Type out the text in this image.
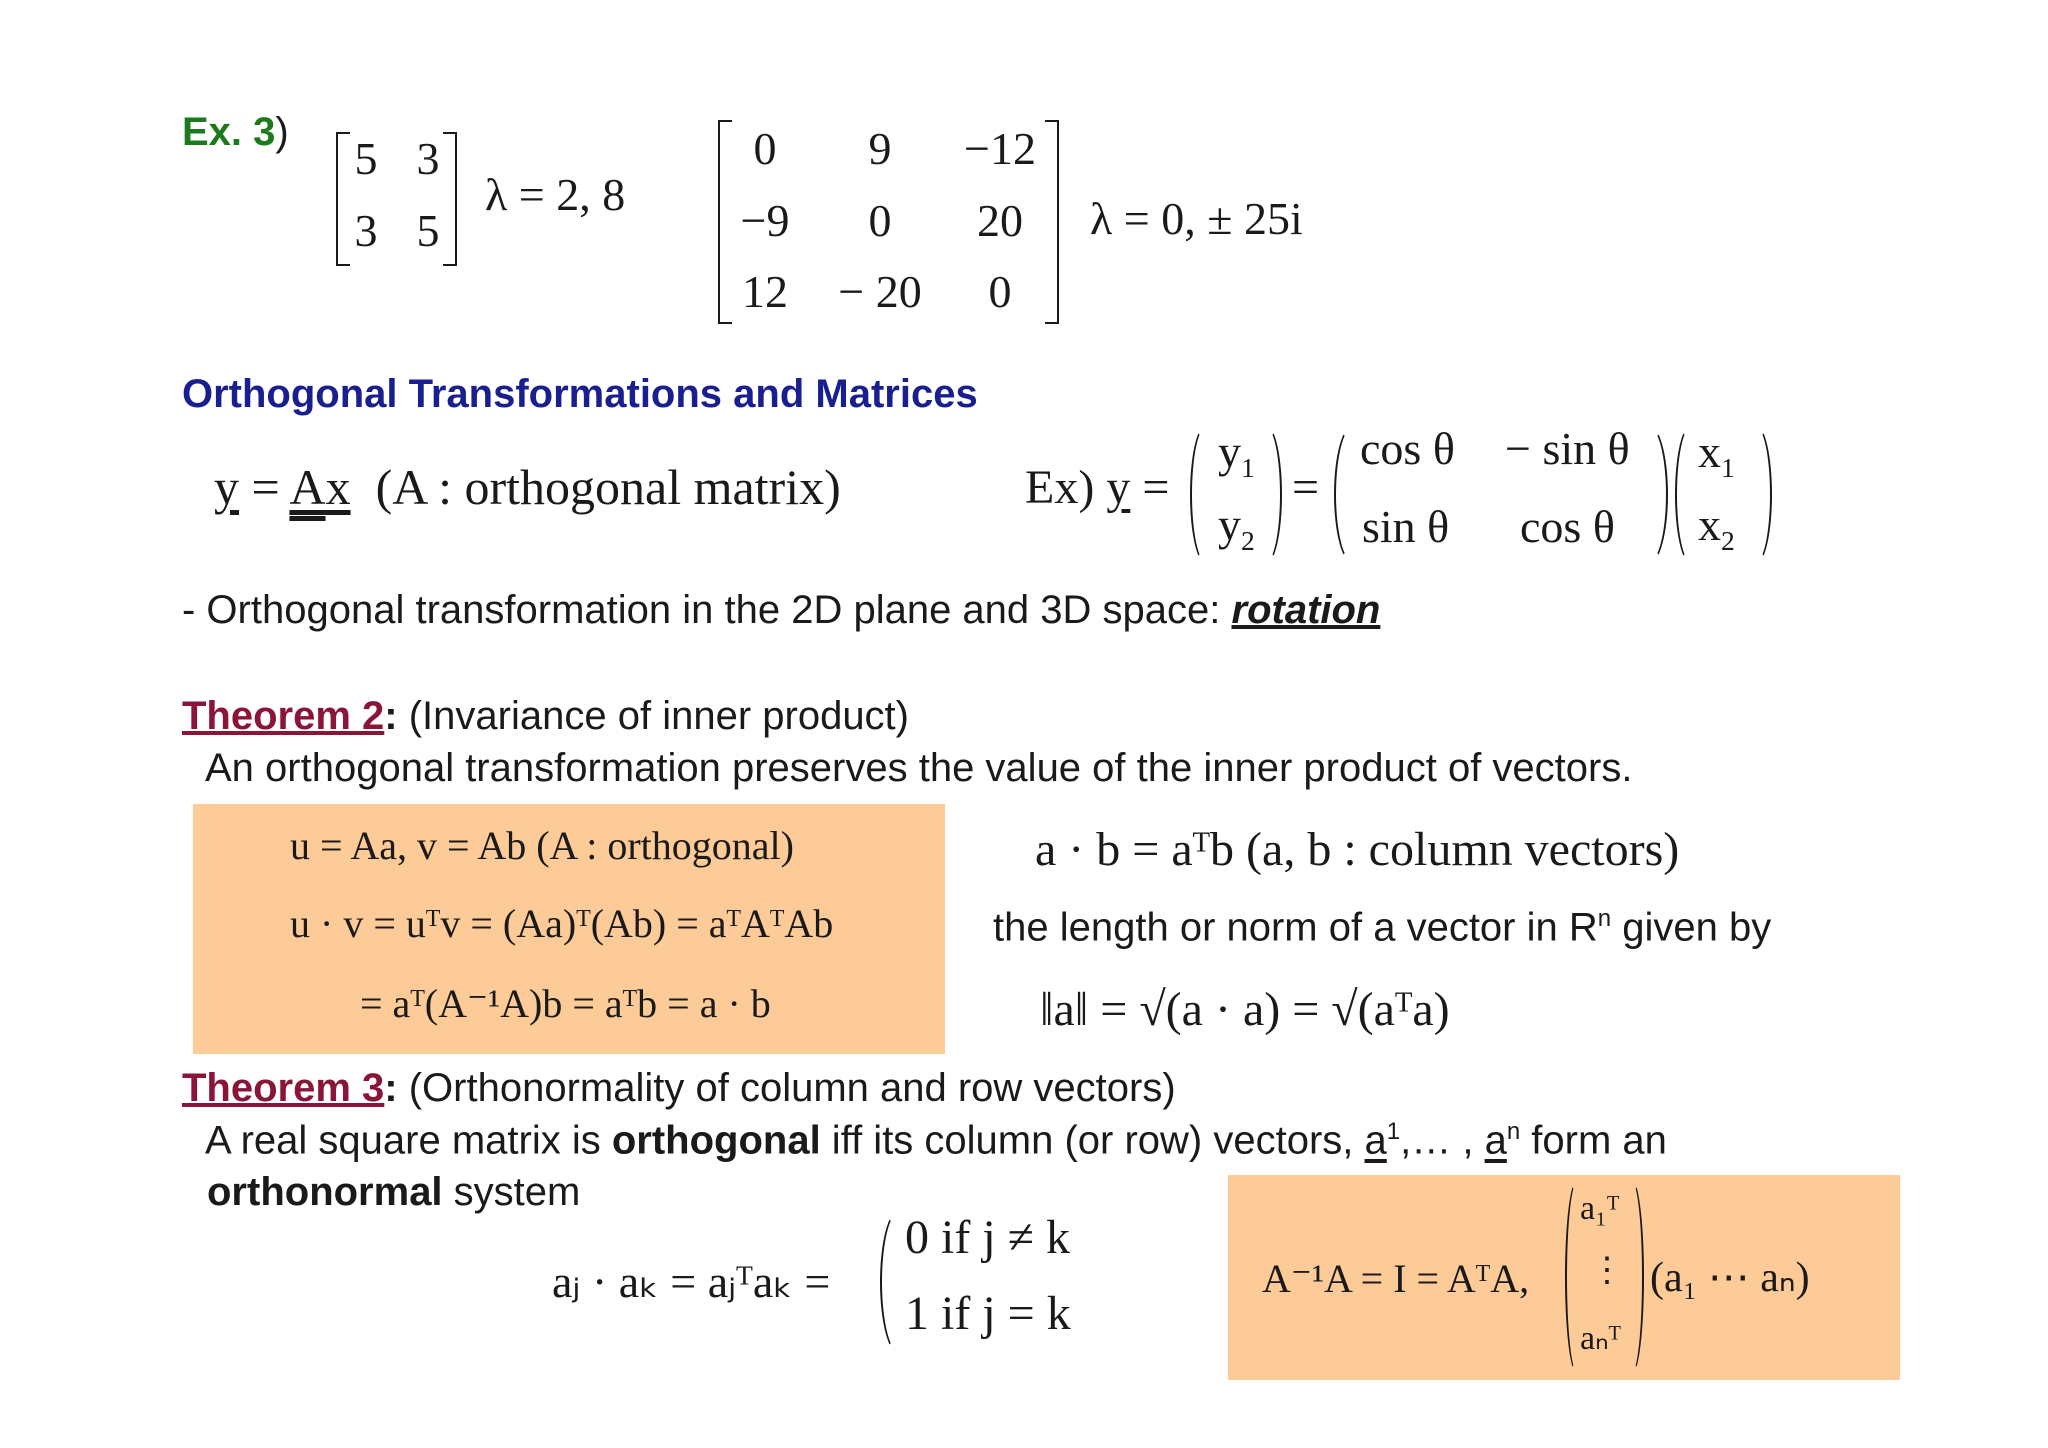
Ex. 3)
5 3
3 5
λ = 2, 8
0	9	−12
−9	0	20
12	− 20	0
λ = 0, ± 25i
Orthogonal Transformations and Matrices
y = Ax (A : orthogonal matrix)	Ex) y =
$y_1$
$y_2$
=
cos θ − sin θ
sin θ cos θ
$x_1$
$x_2$
- Orthogonal transformation in the 2D plane and 3D space: rotation
Theorem 2: (Invariance of inner product)
An orthogonal transformation preserves the value of the inner product of vectors.
u = Aa, v = Ab (A : orthogonal)
u · v = uᵀv = (Aa)ᵀ(Ab) = aᵀAᵀAb
= aᵀ(A⁻¹A)b = aᵀb = a · b
a · b = aᵀb (a, b : column vectors)
the length or norm of a vector in $R^n$ given by
‖a‖ = √(a · a) = √(aᵀa)
Theorem 3: (Orthonormality of column and row vectors)
A real square matrix is orthogonal iff its column (or row) vectors, $a^1,\dots$ , $a^n$ form an
orthonormal system
aⱼ · aₖ = aⱼᵀaₖ =
0 if j ≠ k
1 if j = k
A⁻¹A = I = AᵀA,
a₁ᵀ
⋮
aₙᵀ
(a₁ ⋯ aₙ)
